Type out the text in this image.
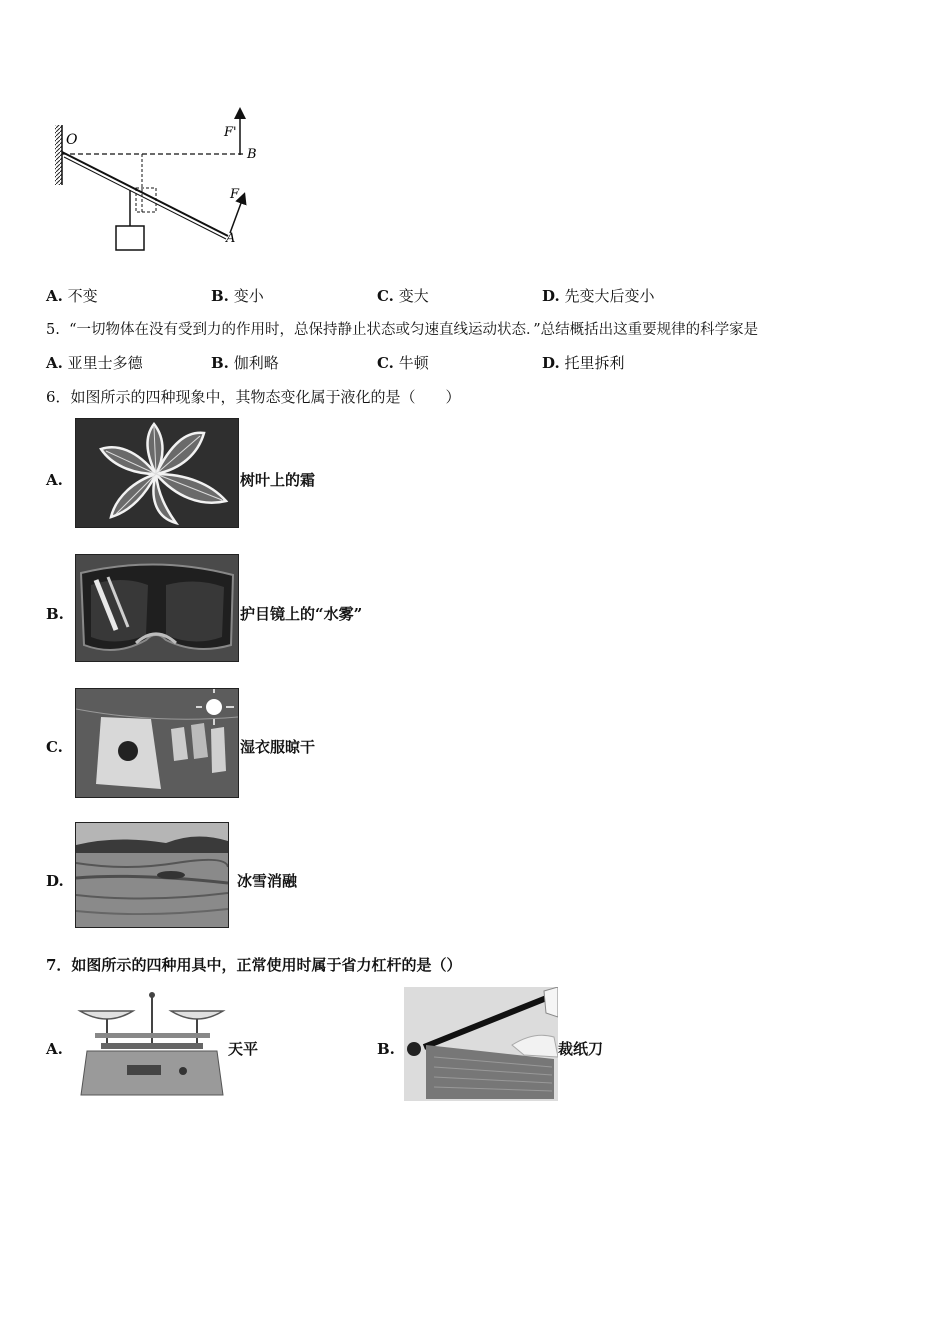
O
B
A
F
F'
A. 不变	B. 变小	C. 变大	D. 先变大后变小
5. “一切物体在没有受到力的作用时，总保持静止状态或匀速直线运动状态．”总结概括出这重要规律的科学家是
A. 亚里士多德	B. 伽利略	C. 牛顿	D. 托里拆利
6．如图所示的四种现象中，其物态变化属于液化的是（　　）
A.	树叶上的霜
B.	护目镜上的“水雾”
C.	湿衣服晾干
D.	冰雪消融
7．如图所示的四种用具中，正常使用时属于省力杠杆的是（）
A.	天平	B.	裁纸刀
